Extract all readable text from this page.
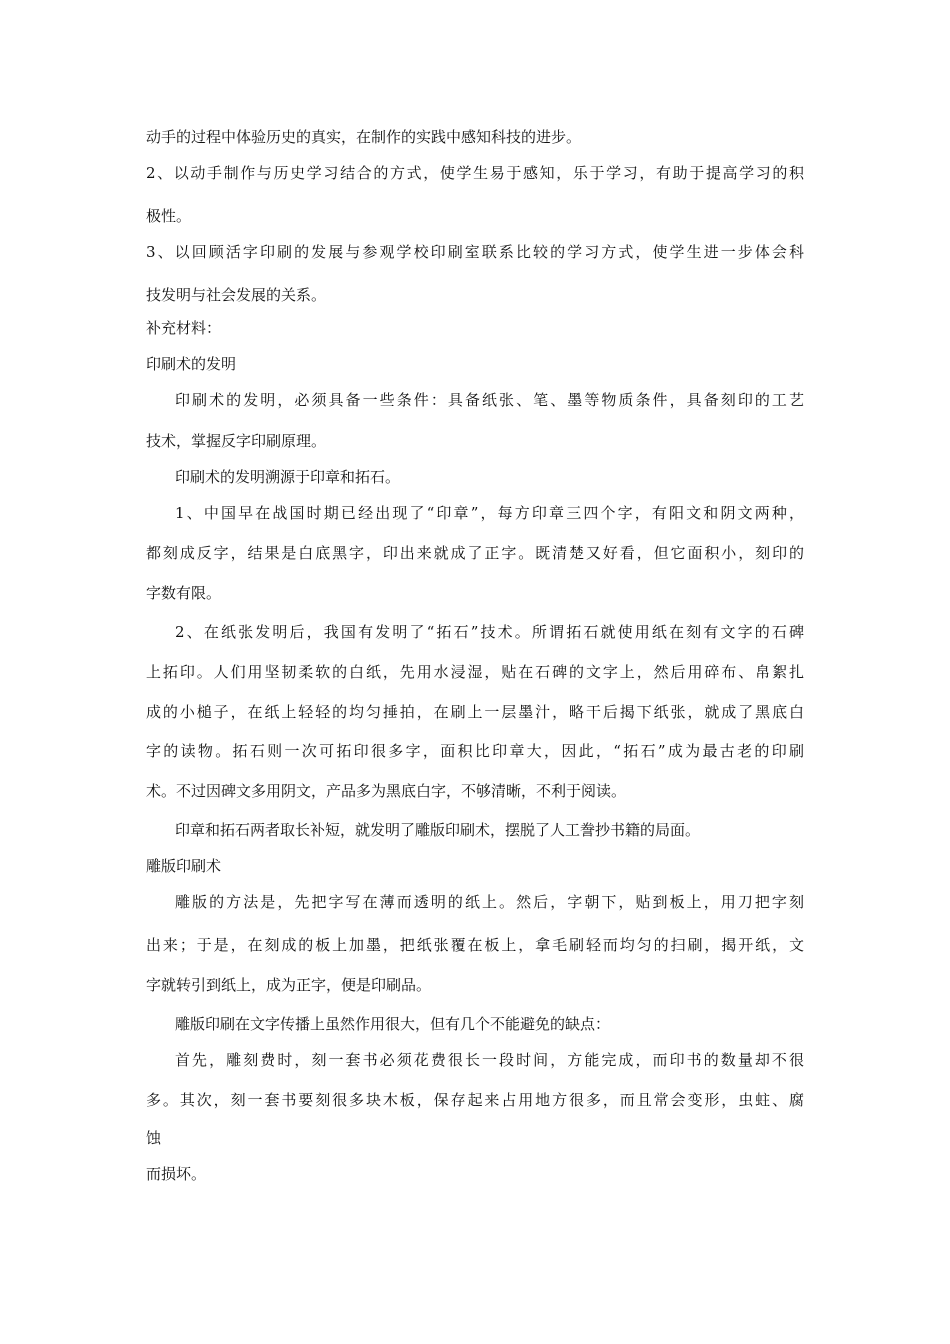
动手的过程中体验历史的真实，在制作的实践中感知科技的进步。
2、以动手制作与历史学习结合的方式，使学生易于感知，乐于学习，有助于提高学习的积
极性。
3、以回顾活字印刷的发展与参观学校印刷室联系比较的学习方式，使学生进一步体会科
技发明与社会发展的关系。
补充材料：
印刷术的发明
印刷术的发明，必须具备一些条件：具备纸张、笔、墨等物质条件，具备刻印的工艺
技术，掌握反字印刷原理。
印刷术的发明溯源于印章和拓石。
1、中国早在战国时期已经出现了“印章”，每方印章三四个字，有阳文和阴文两种，
都刻成反字，结果是白底黑字，印出来就成了正字。既清楚又好看，但它面积小，刻印的
字数有限。
2、在纸张发明后，我国有发明了“拓石”技术。所谓拓石就使用纸在刻有文字的石碑
上拓印。人们用坚韧柔软的白纸，先用水浸湿，贴在石碑的文字上，然后用碎布、帛絮扎
成的小槌子，在纸上轻轻的均匀捶拍，在刷上一层墨汁，略干后揭下纸张，就成了黑底白
字的读物。拓石则一次可拓印很多字，面积比印章大，因此，“拓石”成为最古老的印刷
术。不过因碑文多用阴文，产品多为黑底白字，不够清晰，不利于阅读。
印章和拓石两者取长补短，就发明了雕版印刷术，摆脱了人工誊抄书籍的局面。
雕版印刷术
雕版的方法是，先把字写在薄而透明的纸上。然后，字朝下，贴到板上，用刀把字刻
出来；于是，在刻成的板上加墨，把纸张覆在板上，拿毛刷轻而均匀的扫刷，揭开纸，文
字就转引到纸上，成为正字，便是印刷品。
雕版印刷在文字传播上虽然作用很大，但有几个不能避免的缺点：
首先，雕刻费时，刻一套书必须花费很长一段时间，方能完成，而印书的数量却不很
多。其次，刻一套书要刻很多块木板，保存起来占用地方很多，而且常会变形，虫蛀、腐
蚀
而损坏。
